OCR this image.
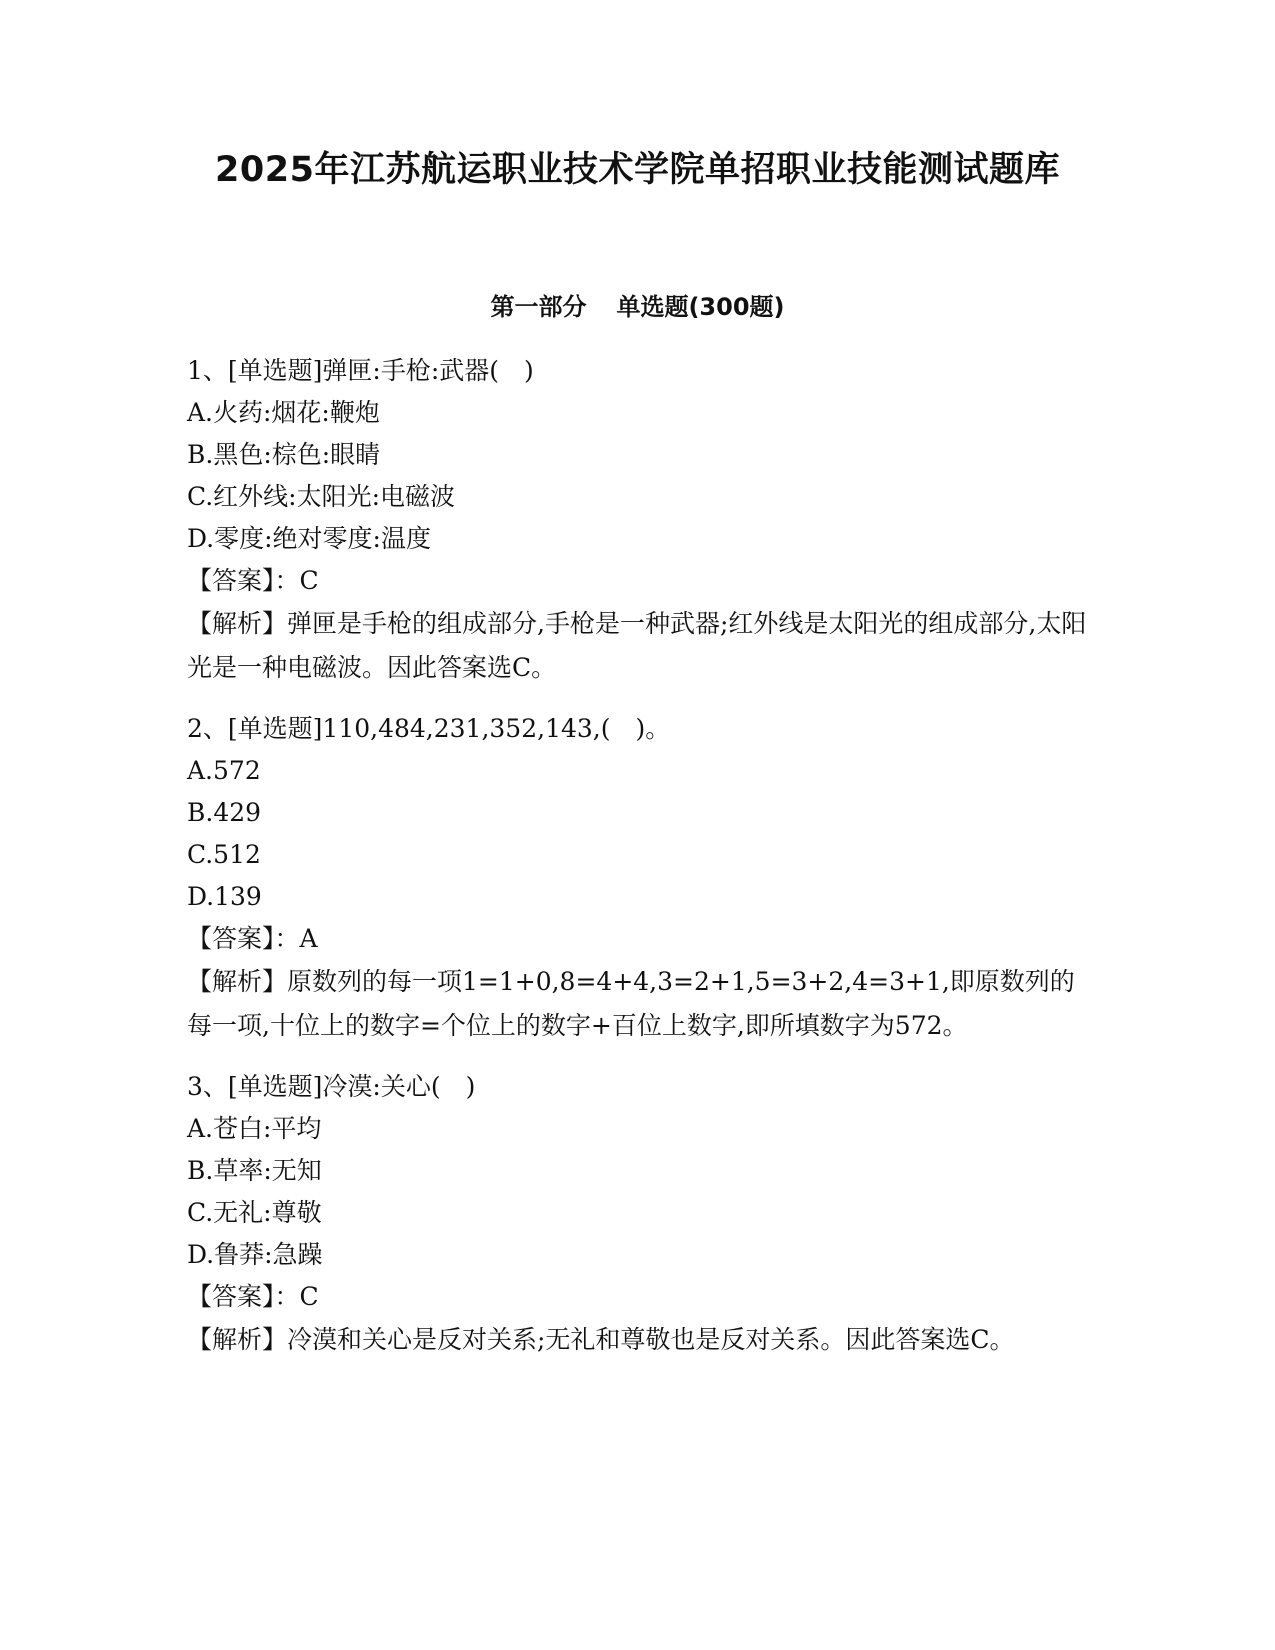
2025年江苏航运职业技术学院单招职业技能测试题库
第一部分 单选题(300题)
1、[单选题]弹匣:手枪:武器(　)
A.火药:烟花:鞭炮
B.黑色:棕色:眼睛
C.红外线:太阳光:电磁波
D.零度:绝对零度:温度
【答案】：C
【解析】弹匣是手枪的组成部分,手枪是一种武器;红外线是太阳光的组成部分,太阳光是一种电磁波。因此答案选C。
2、[单选题]110,484,231,352,143,(　)。
A.572
B.429
C.512
D.139
【答案】：A
【解析】原数列的每一项1=1+0,8=4+4,3=2+1,5=3+2,4=3+1,即原数列的每一项,十位上的数字=个位上的数字+百位上数字,即所填数字为572。
3、[单选题]冷漠:关心(　)
A.苍白:平均
B.草率:无知
C.无礼:尊敬
D.鲁莽:急躁
【答案】：C
【解析】冷漠和关心是反对关系;无礼和尊敬也是反对关系。因此答案选C。
